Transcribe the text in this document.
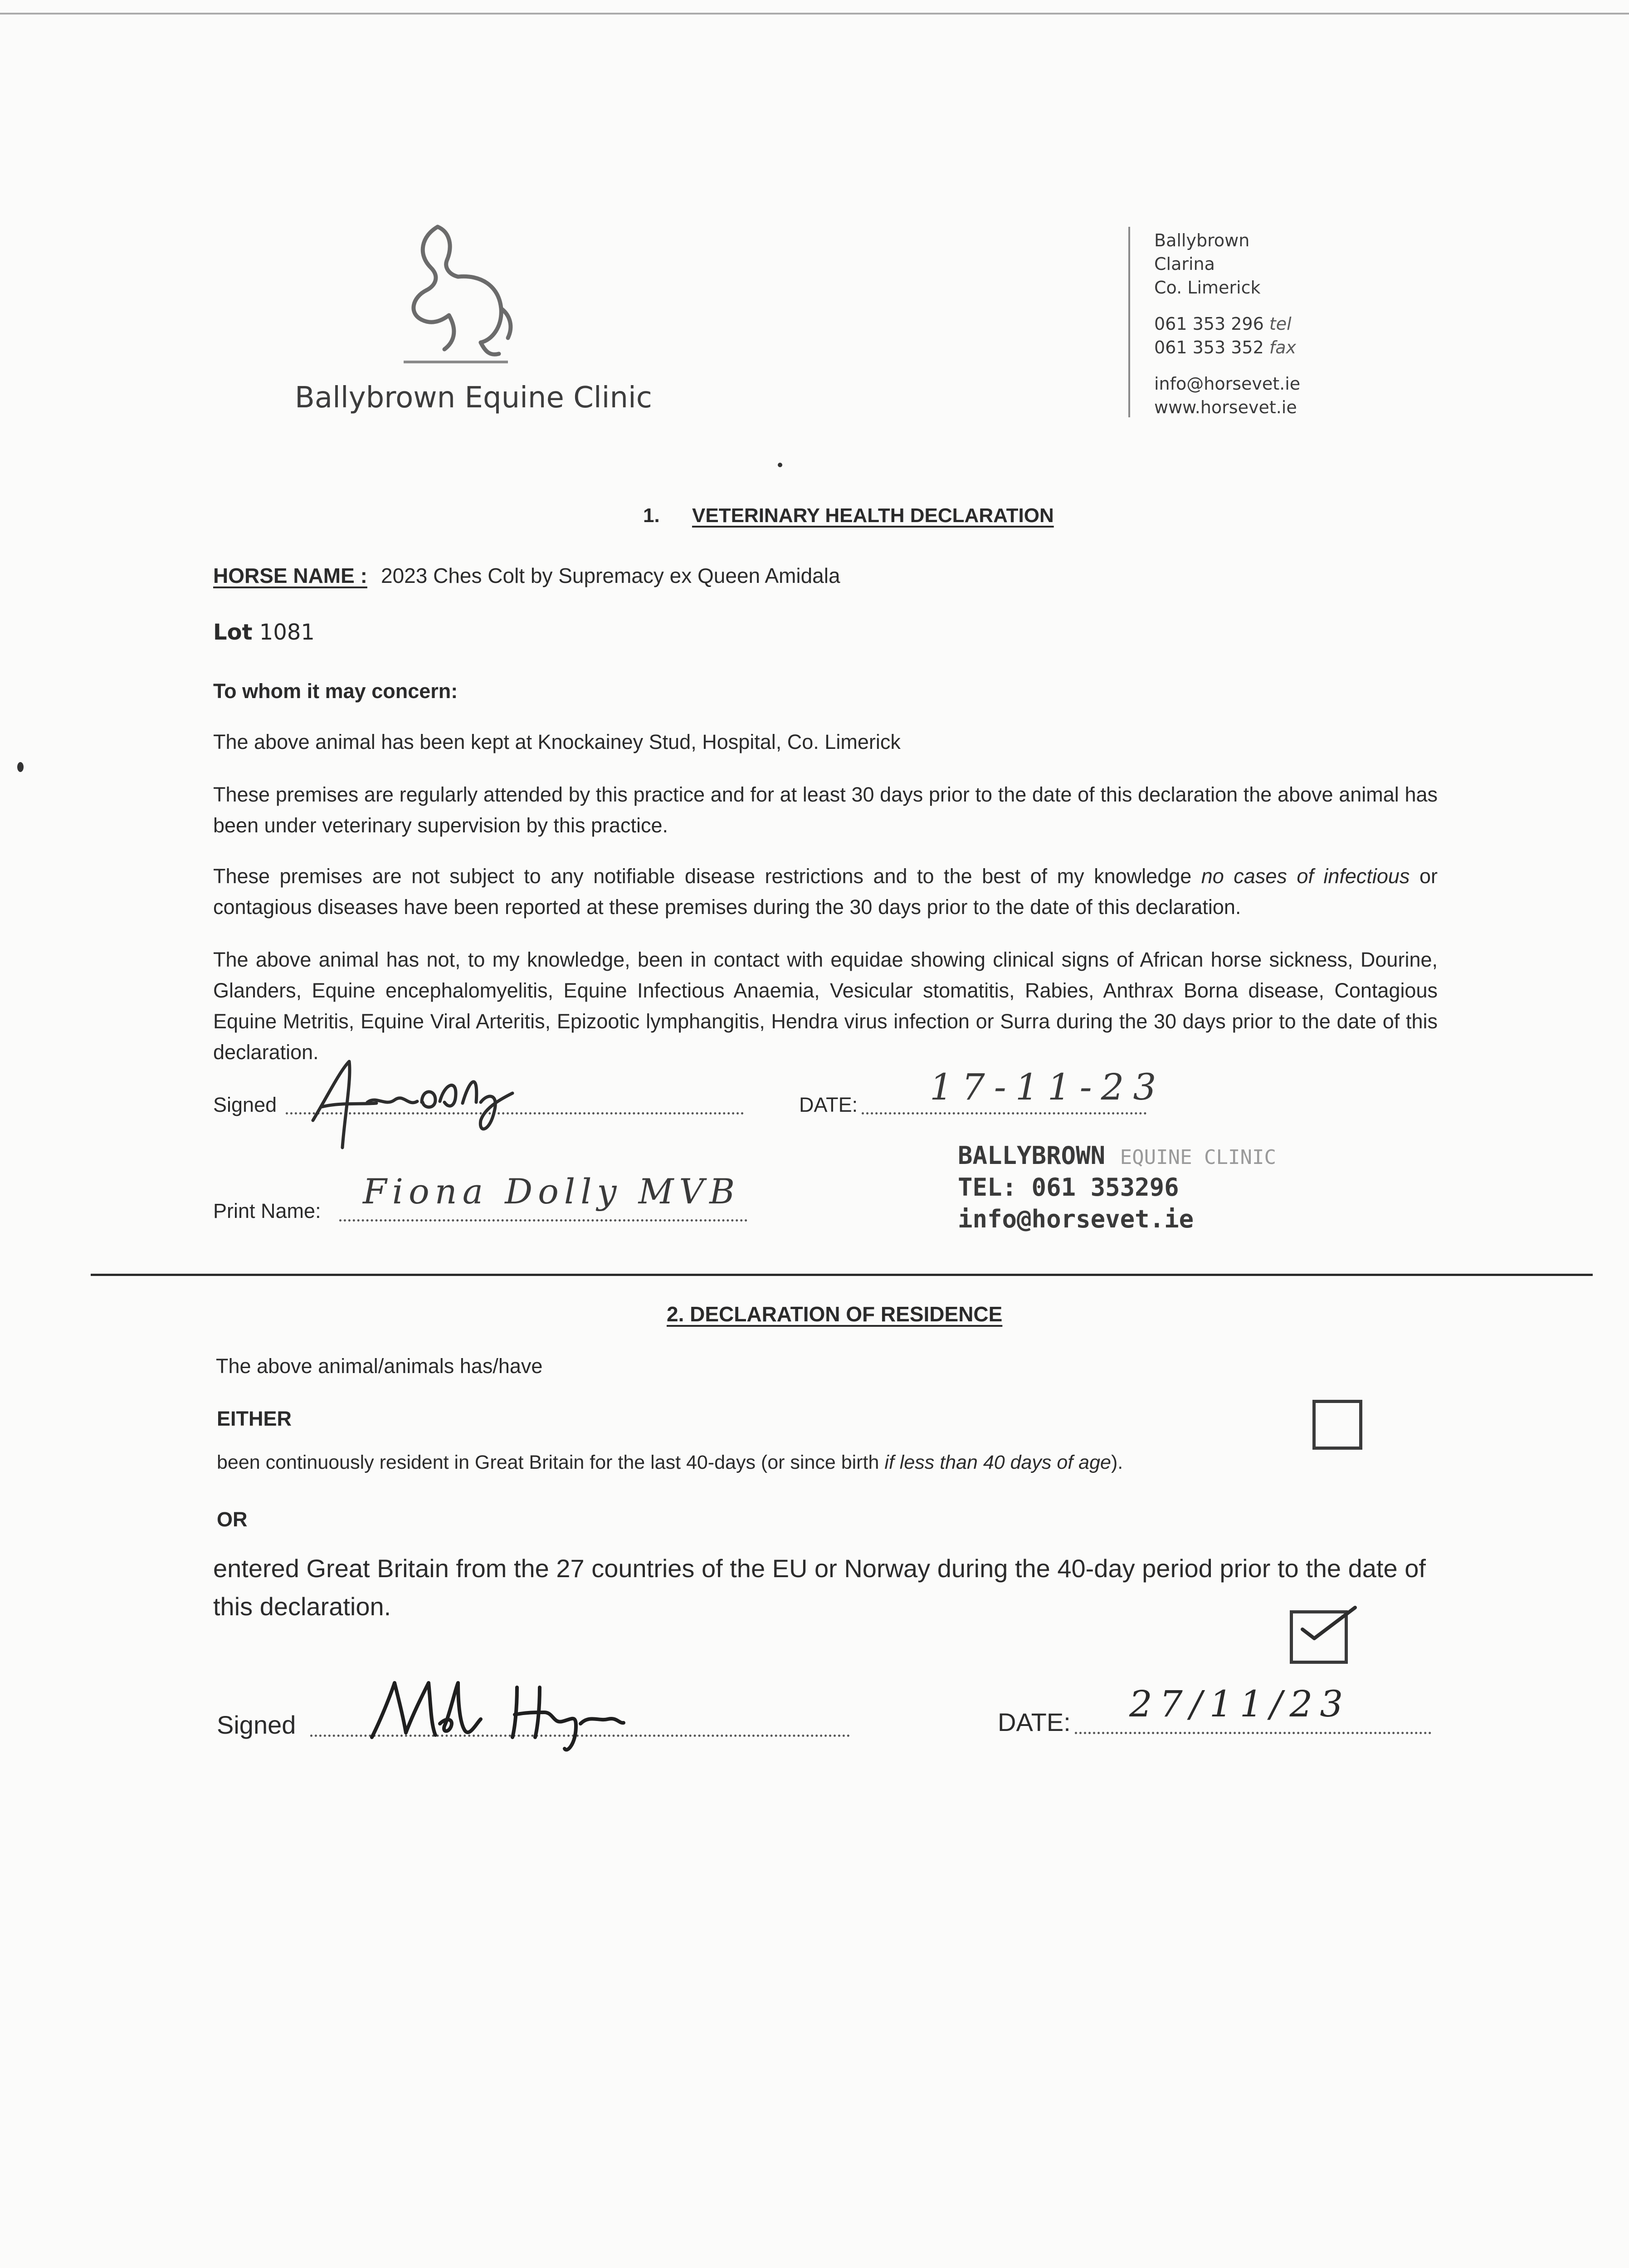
Ballybrown Equine Clinic
Ballybrown
Clarina
Co. Limerick
061 353 296 tel
061 353 352 fax
info@horsevet.ie
www.horsevet.ie
1. VETERINARY HEALTH DECLARATION
HORSE NAME : 2023 Ches Colt by Supremacy ex Queen Amidala
Lot 1081
To whom it may concern:
The above animal has been kept at Knockainey Stud, Hospital, Co. Limerick
These premises are regularly attended by this practice and for at least 30 days prior to the date of this declaration the above animal has been under veterinary supervision by this practice.
These premises are not subject to any notifiable disease restrictions and to the best of my knowledge no cases of infectious or contagious diseases have been reported at these premises during the 30 days prior to the date of this declaration.
The above animal has not, to my knowledge, been in contact with equidae showing clinical signs of African horse sickness, Dourine, Glanders, Equine encephalomyelitis, Equine Infectious Anaemia, Vesicular stomatitis, Rabies, Anthrax Borna disease, Contagious Equine Metritis, Equine Viral Arteritis, Epizootic lymphangitis, Hendra virus infection or Surra during the 30 days prior to the date of this declaration.
Signed	DATE: 17-11-23
BALLYBROWN EQUINE CLINIC
TEL: 061 353296
info@horsevet.ie
Print Name: Fiona Dolly MVB
2. DECLARATION OF RESIDENCE
The above animal/animals has/have
EITHER
been continuously resident in Great Britain for the last 40-days (or since birth if less than 40 days of age).
OR
entered Great Britain from the 27 countries of the EU or Norway during the 40-day period prior to the date of this declaration.
Signed	DATE: 27/11/23
